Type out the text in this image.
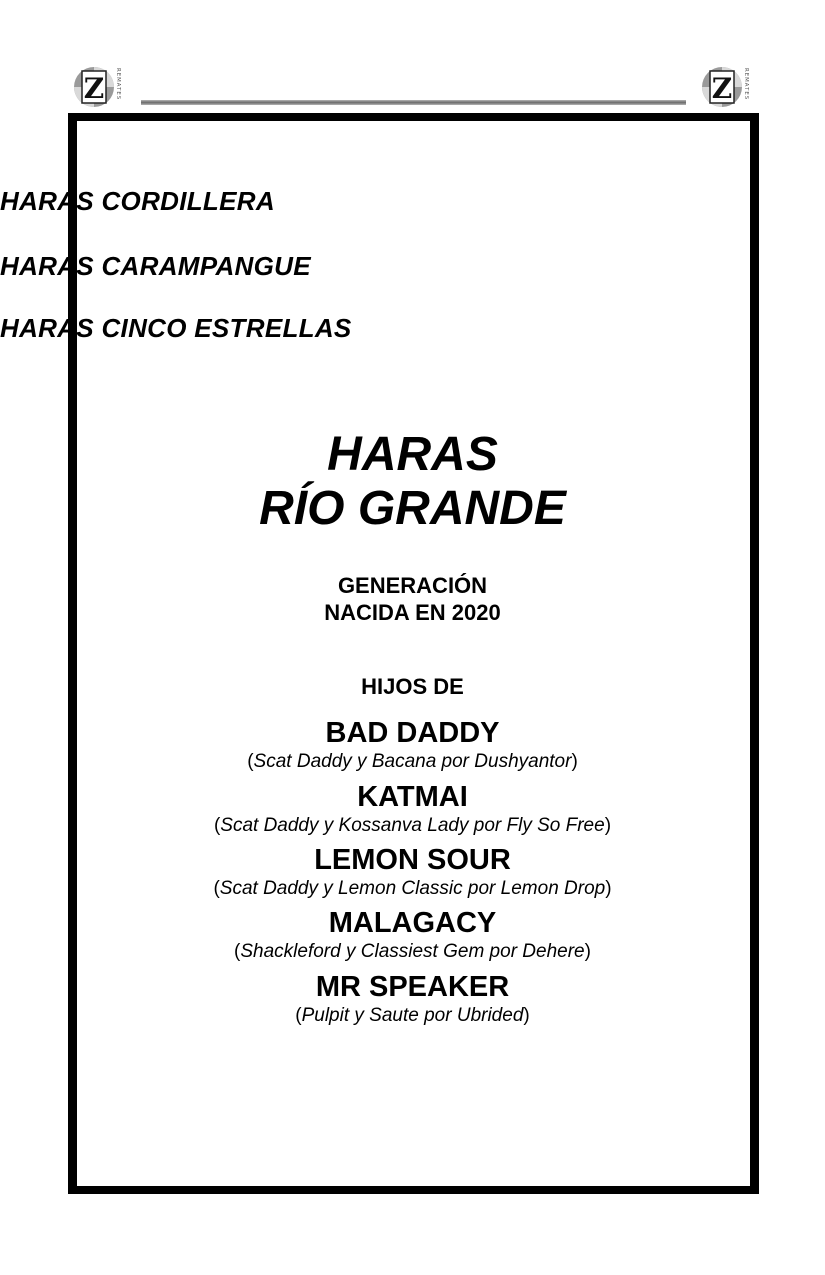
Z REMATES	Z REMATES

HARAS CORDILLERA

HARAS CARAMPANGUE

HARAS CINCO ESTRELLAS

HARAS
RÍO GRANDE
GENERACIÓN
NACIDA EN 2020
HIJOS DE
BAD DADDY
(Scat Daddy y Bacana por Dushyantor)
KATMAI
(Scat Daddy y Kossanva Lady por Fly So Free)
LEMON SOUR
(Scat Daddy y Lemon Classic por Lemon Drop)
MALAGACY
(Shackleford y Classiest Gem por Dehere)
MR SPEAKER
(Pulpit y Saute por Ubrided)
